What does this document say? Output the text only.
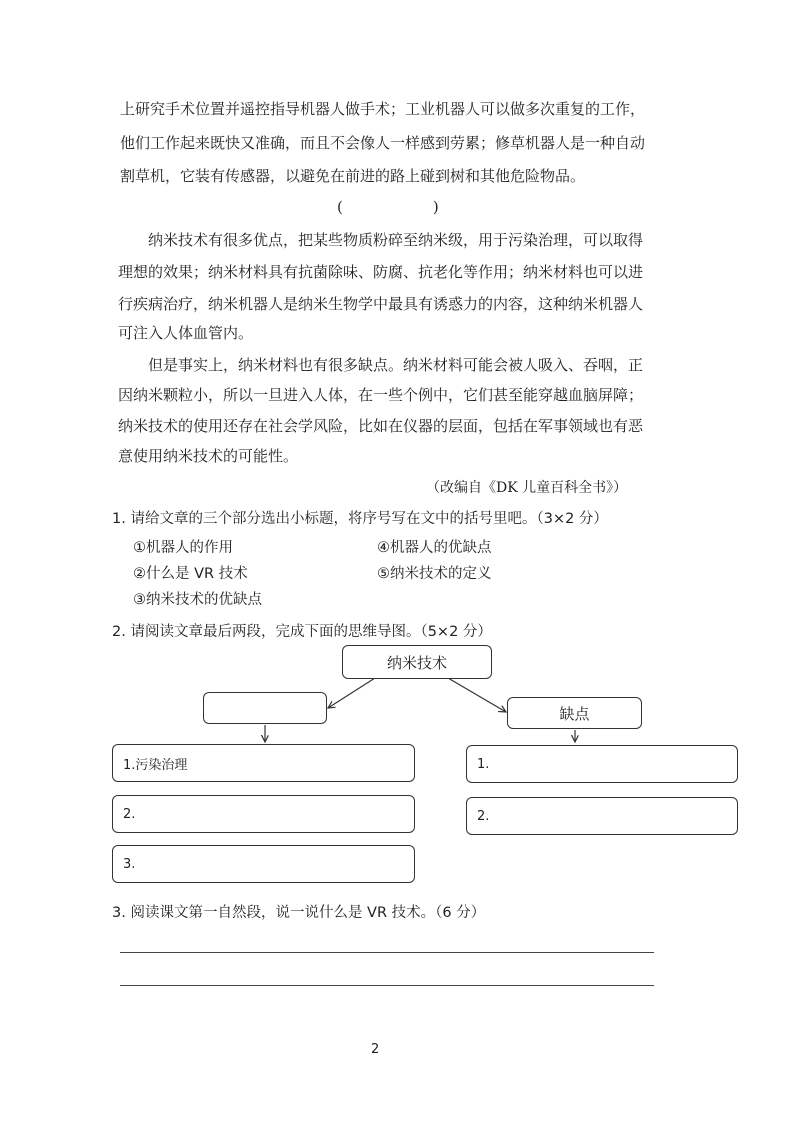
上研究手术位置并遥控指导机器人做手术；工业机器人可以做多次重复的工作，
他们工作起来既快又准确，而且不会像人一样感到劳累；修草机器人是一种自动
割草机，它装有传感器，以避免在前进的路上碰到树和其他危险物品。
(　　　　　　)
纳米技术有很多优点，把某些物质粉碎至纳米级，用于污染治理，可以取得
理想的效果；纳米材料具有抗菌除味、防腐、抗老化等作用；纳米材料也可以进
行疾病治疗，纳米机器人是纳米生物学中最具有诱惑力的内容，这种纳米机器人
可注入人体血管内。
但是事实上，纳米材料也有很多缺点。纳米材料可能会被人吸入、吞咽，正
因纳米颗粒小，所以一旦进入人体，在一些个例中，它们甚至能穿越血脑屏障；
纳米技术的使用还存在社会学风险，比如在仪器的层面，包括在军事领域也有恶
意使用纳米技术的可能性。
（改编自《DK 儿童百科全书》）
1. 请给文章的三个部分选出小标题，将序号写在文中的括号里吧。（3×2 分）
①机器人的作用
②什么是 VR 技术
③纳米技术的优缺点
④机器人的优缺点
⑤纳米技术的定义
2. 请阅读文章最后两段，完成下面的思维导图。（5×2 分）
纳米技术
缺点
1.污染治理
2.
3.
1.
2.
3. 阅读课文第一自然段，说一说什么是 VR 技术。（6 分）
2
